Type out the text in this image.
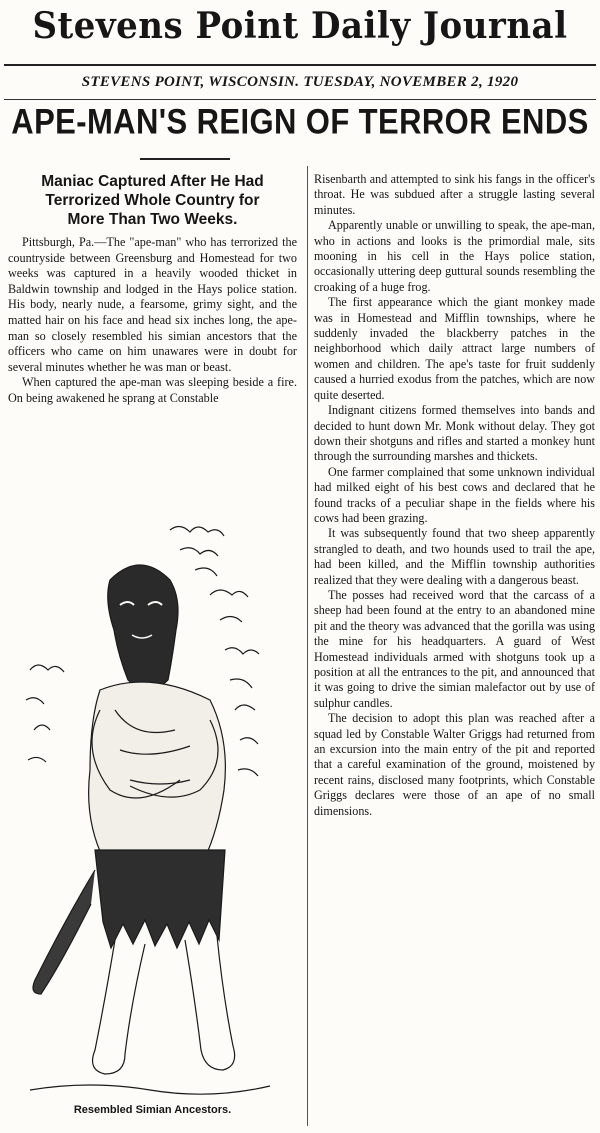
Stevens Point Daily Journal
STEVENS POINT, WISCONSIN. TUESDAY, NOVEMBER 2, 1920
APE-MAN'S REIGN OF TERROR ENDS
Maniac Captured After He Had
Terrorized Whole Country for
More Than Two Weeks.

Pittsburgh, Pa.—The "ape-man" who has terrorized the countryside between Greensburg and Homestead for two weeks was captured in a heavily wooded thicket in Baldwin township and lodged in the Hays police station. His body, nearly nude, a fearsome, grimy sight, and the matted hair on his face and head six inches long, the ape-man so closely resembled his simian ancestors that the officers who came on him unawares were in doubt for several minutes whether he was man or beast.

When captured the ape-man was sleeping beside a fire. On being awakened he sprang at Constable

Resembled Simian Ancestors.

Risenbarth and attempted to sink his fangs in the officer's throat. He was subdued after a struggle lasting several minutes.

Apparently unable or unwilling to speak, the ape-man, who in actions and looks is the primordial male, sits mooning in his cell in the Hays police station, occasionally uttering deep guttural sounds resembling the croaking of a huge frog.

The first appearance which the giant monkey made was in Homestead and Mifflin townships, where he suddenly invaded the blackberry patches in the neighborhood which daily attract large numbers of women and children. The ape's taste for fruit suddenly caused a hurried exodus from the patches, which are now quite deserted.

Indignant citizens formed themselves into bands and decided to hunt down Mr. Monk without delay. They got down their shotguns and rifles and started a monkey hunt through the surrounding marshes and thickets.

One farmer complained that some unknown individual had milked eight of his best cows and declared that he found tracks of a peculiar shape in the fields where his cows had been grazing.

It was subsequently found that two sheep apparently strangled to death, and two hounds used to trail the ape, had been killed, and the Mifflin township authorities realized that they were dealing with a dangerous beast.

The posses had received word that the carcass of a sheep had been found at the entry to an abandoned mine pit and the theory was advanced that the gorilla was using the mine for his headquarters. A guard of West Homestead individuals armed with shotguns took up a position at all the entrances to the pit, and announced that it was going to drive the simian malefactor out by use of sulphur candles.

The decision to adopt this plan was reached after a squad led by Constable Walter Griggs had returned from an excursion into the main entry of the pit and reported that a careful examination of the ground, moistened by recent rains, disclosed many footprints, which Constable Griggs declares were those of an ape of no small dimensions.
